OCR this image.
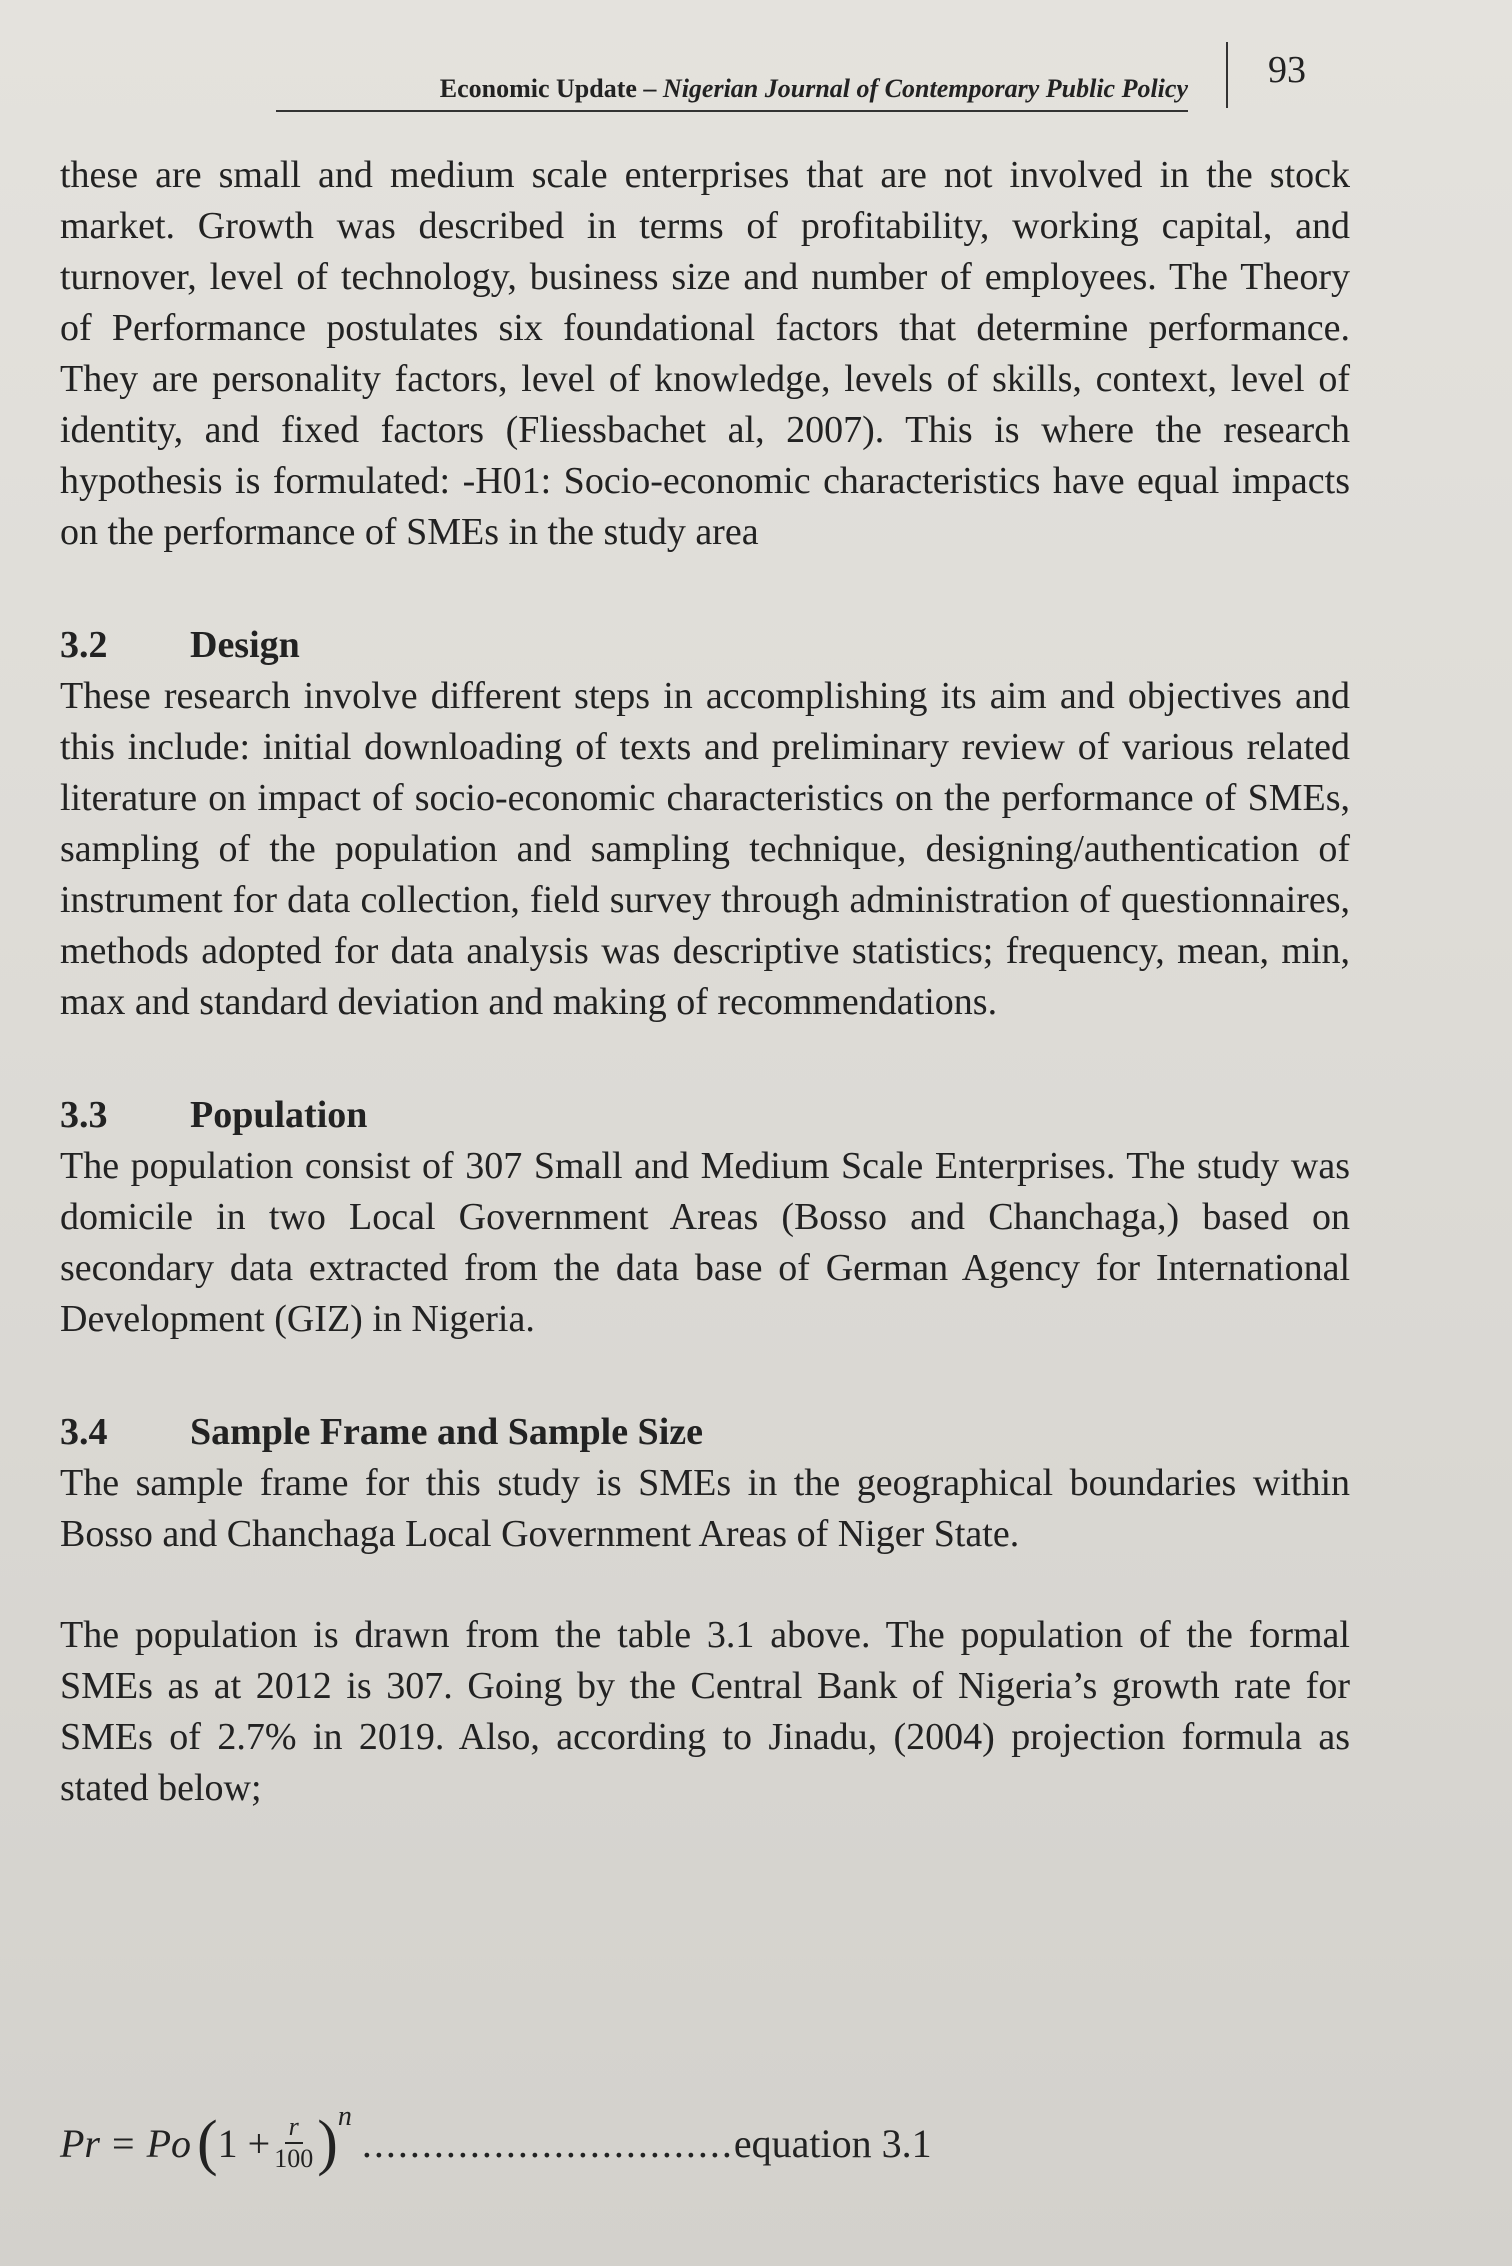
Economic Update – Nigerian Journal of Contemporary Public Policy 93

these are small and medium scale enterprises that are not involved in the stock market. Growth was described in terms of profitability, working capital, and turnover, level of technology, business size and number of employees. The Theory of Performance postulates six foundational factors that determine performance. They are personality factors, level of knowledge, levels of skills, context, level of identity, and fixed factors (Fliessbachet al, 2007). This is where the research hypothesis is formulated: -H01: Socio-economic characteristics have equal impacts on the performance of SMEs in the study area

3.2	Design

These research involve different steps in accomplishing its aim and objectives and this include: initial downloading of texts and preliminary review of various related literature on impact of socio-economic characteristics on the performance of SMEs, sampling of the population and sampling technique, designing/authentication of instrument for data collection, field survey through administration of questionnaires, methods adopted for data analysis was descriptive statistics; frequency, mean, min, max and standard deviation and making of recommendations.

3.3	Population

The population consist of 307 Small and Medium Scale Enterprises. The study was domicile in two Local Government Areas (Bosso and Chanchaga,) based on secondary data extracted from the data base of German Agency for International Development (GIZ) in Nigeria.

3.4	Sample Frame and Sample Size

The sample frame for this study is SMEs in the geographical boundaries within Bosso and Chanchaga Local Government Areas of Niger State.

The population is drawn from the table 3.1 above. The population of the formal SMEs as at 2012 is 307. Going by the Central Bank of Nigeria’s growth rate for SMEs of 2.7% in 2019. Also, according to Jinadu, (2004) projection formula as stated below;

Pr = Po ( $1 + \frac{r}{100}$ ) n
............................... equation 3.1
